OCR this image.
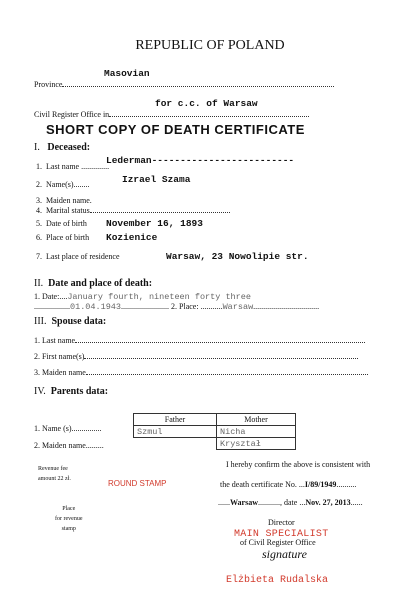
REPUBLIC OF POLAND
Masovian
Province
for c.c. of Warsaw
Civil Register Office in
SHORT COPY OF DEATH CERTIFICATE
I. Deceased:
1. Last name ..............
Lederman-------------------------
2. Name(s)........	Izrael Szama
3. Maiden name.
4. Marital status
5. Date of birth November 16, 1893
6. Place of birth Kozienice
7. Last place of residence	Warsaw, 23 Nowolipie str.
II. Date and place of death:
1. Date:....January fourth, nineteen forty three
..................01.04.1943........................ 2. Place: ...........Warsaw.................................
III. Spouse data:
1. Last name
2. First name(s)
3. Maiden name
IV. Parents data:
1. Name (s)...............
2. Maiden name.........
Father	Mother
Szmul	Nicha
	Kryształ
Revenue fee
amount 22 zł.	ROUND STAMP
Place
for revenue
stamp
I hereby confirm the above is consistent with
the death certificate No. ...I/89/1949..........
......Warsaw..........., date ...Nov. 27, 2013......
Director
of Civil Register Office
MAIN SPECIALIST
signature
Elżbieta Rudalska
